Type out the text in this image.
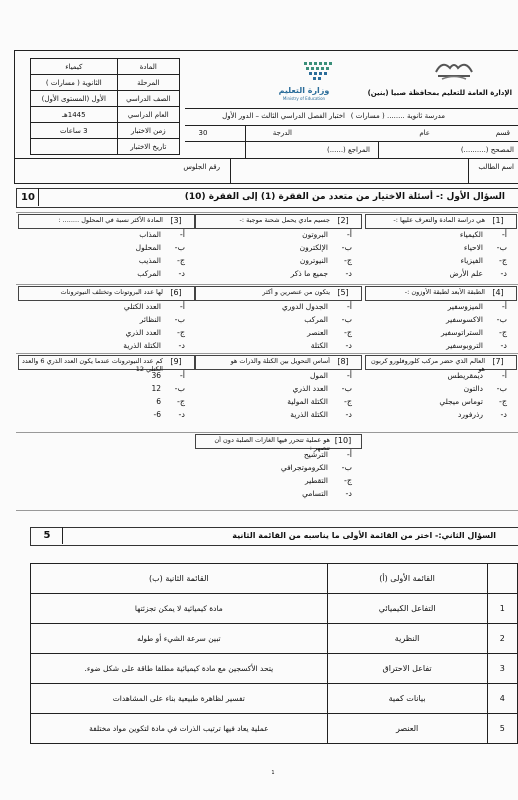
كيمياء	المادة
الثانوية ( مسارات )	المرحلة
الأول (المستوى الأول)	الصف الدراسي
1445هـ	العام الدراسي
3 ساعات	زمن الاختبار
	تاريخ الاختبار
وزارة التعليم
Ministry of Education
الإدارة العامة للتعليم بمحافظة صبيا (بنين)
اختبار الفصل الدراسي الثالث – الدور الأول مدرسة ثانوية ........ ( مسارات )
30	الدرجة	عام	قسم
المراجع (......)	المصحح (..........)
رقم الجلوس	اسم الطالب
10	السؤال الأول :- أسئلة الاختيار من متعدد من الفقرة (1) إلى الفقرة (10)
[1]
هي دراسة المادة والتعرف عليها :-
أ-
الكيمياء
ب-
الاحياء
ج-
الفيزياء
د-
علم الأرض
[2]
جسيم مادي يحمل شحنة موجبة :-
أ-
البروتون
ب-
الإلكترون
ج-
النيوترون
د-
جميع ما ذكر
[3]
المادة الأكثر نسبة في المحلول ........ :
أ-
المذاب
ب-
المحلول
ج-
المذيب
د-
المركب
[4]
الطبقة الأبعد لطبقة الأوزون :-
أ-
الميزوسفير
ب-
الاكسوسفير
ج-
الستراتوسفير
د-
التروبوسفير
[5]
يتكون من عنصرين و أكثر
أ-
الجدول الدوري
ب-
المركب
ج-
العنصر
د-
الكتلة
[6]
لها عدد البروتونات وتختلف النيوترونات
أ-
العدد الكتلي
ب-
النظائر
ج-
العدد الذري
د-
الكتلة الذرية
[7]
العالم الذي حضر مركب كلوروفلورو كربون هو
أ-
ديمقريطس
ب-
دالتون
ج-
توماس ميجلي
د-
رذرفورد
[8]
أساس التحويل بين الكتلة والذرات هو
أ-
المول
ب-
العدد الذري
ج-
الكتلة المولية
د-
الكتلة الذرية
[9]
كم عدد النيوترونات عندما يكون العدد الذري 6 والعدد الكتلي 12
أ-
36
ب-
12
ج-
6
د-
6-
[10]
هو عملية تتحرر فيها الغازات الصلبة دون أن تنصهر :
أ-
الترشيح
ب-
الكروموتجرافي
ج-
التقطير
د-
التسامي
5	السؤال الثاني:- اختر من القائمة الأولى ما يناسبه من القائمة الثانية
القائمة الثانية (ب)	القائمة الأولى (أ)	
مادة كيميائية لا يمكن تجزئتها	التفاعل الكيميائي	1
تبين سرعة الشيء أو طوله	النظرية	2
يتحد الأكسجين مع مادة كيميائية مطلقا طاقة على شكل ضوء.	تفاعل الاحتراق	3
تفسير لظاهرة طبيعية بناء على المشاهدات	بيانات كمية	4
عملية يعاد فيها ترتيب الذرات في مادة لتكوين مواد مختلفة	العنصر	5
1
